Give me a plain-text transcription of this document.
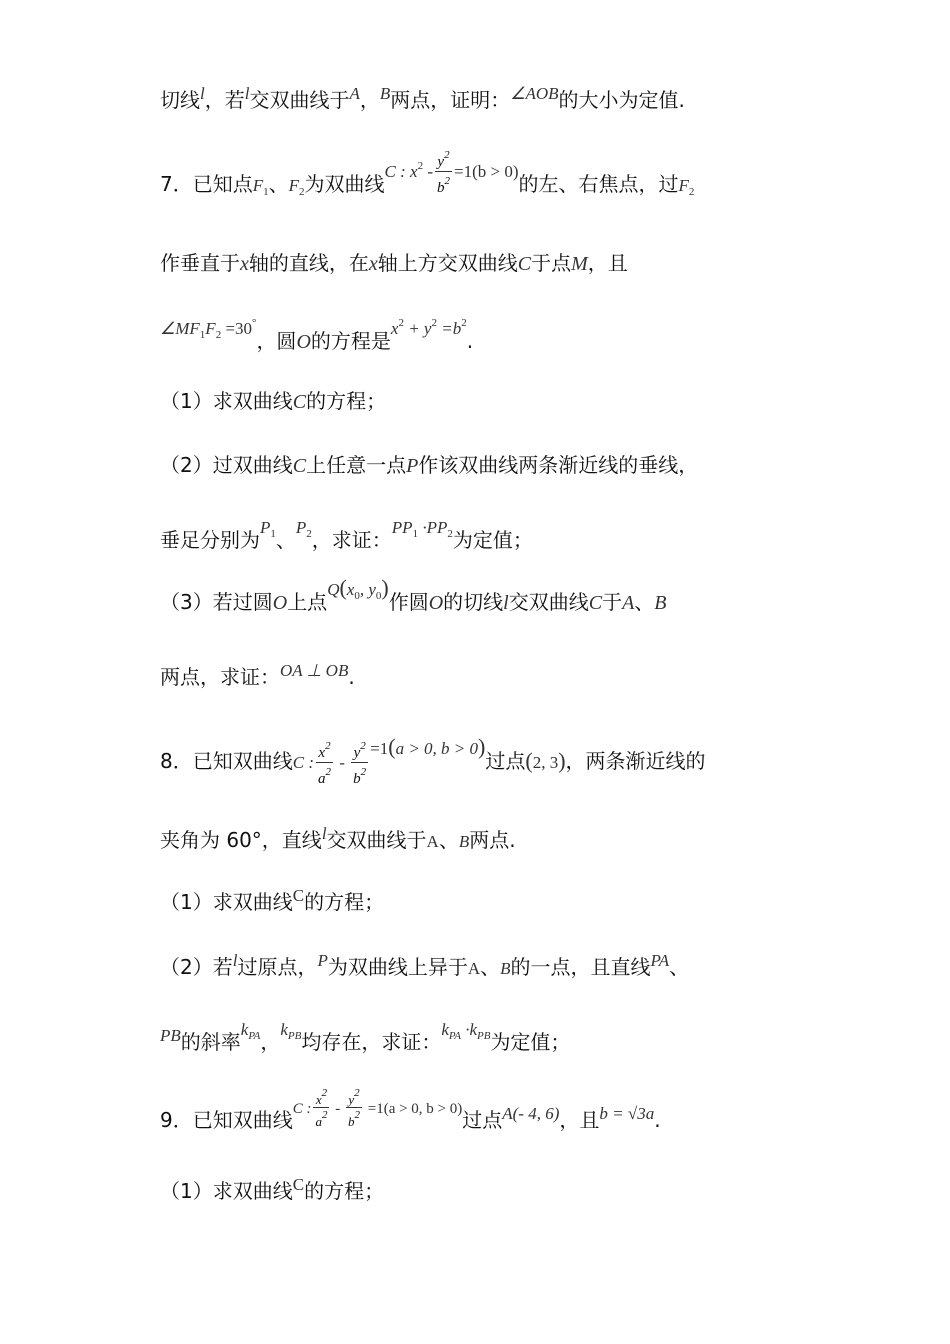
切线$^l$，若$^l$交双曲线于$^A$，$^B$两点，证明：$^{\angle AOB}$的大小为定值.
7．已知点$F_1$、$F_2$为双曲线C : $x^2 - \frac{y^2}{b^2} =1(b > 0)$的左、右焦点，过$F_2$
作垂直于x轴的直线，在x轴上方交双曲线C于点M，且
$\angle MF_1F_2 =30^\circ$，圆O的方程是$x^2 + y^2 =b^2$.
（1）求双曲线C的方程；
（2）过双曲线C上任意一点P作该双曲线两条渐近线的垂线，
垂足分别为$P_1$、$P_2$，求证：$PP_1 \cdot PP_2$为定值；
（3）若过圆O上点$Q(x_0$, $y_0$)作圆O的切线l交双曲线C于A、B
两点，求证：OA ⊥ OB.
8．已知双曲线C : $\frac{x^2}{a^2} - \frac{y^2}{b^2} =1(a > 0$, b > 0)过点(2, 3)，两条渐近线的
夹角为 60°，直线l交双曲线于A、B两点.
（1）求双曲线C的方程；
（2）若l过原点，P为双曲线上异于A、B的一点，且直线PA、
PB的斜率$k_{PA}$，$k_{PB}$均存在，求证：$k_{PA} \cdot k_{PB}$为定值；
9．已知双曲线C : $\frac{x^2}{a^2} - \frac{y^2}{b^2} =1(a > 0$, b > 0)过点A(- 4, 6)，且b = √3a.
（1）求双曲线C的方程；
